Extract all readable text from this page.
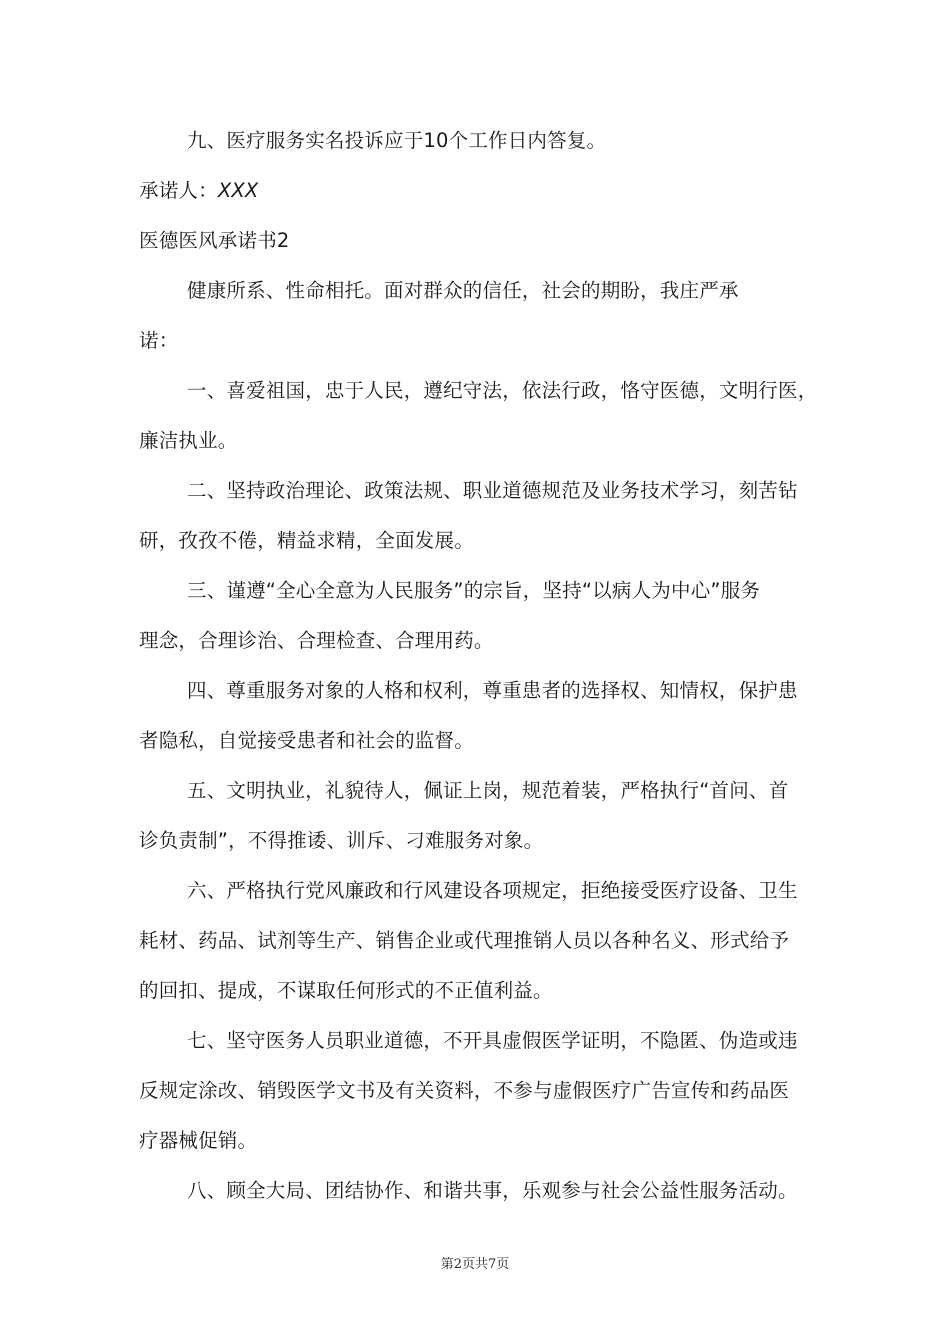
九、医疗服务实名投诉应于10个工作日内答复。
承诺人：XXX
医德医风承诺书2
健康所系、性命相托。面对群众的信任，社会的期盼，我庄严承
诺：
一、喜爱祖国，忠于人民，遵纪守法，依法行政，恪守医德，文明行医，
廉洁执业。
二、坚持政治理论、政策法规、职业道德规范及业务技术学习，刻苦钻
研，孜孜不倦，精益求精，全面发展。
三、谨遵“全心全意为人民服务”的宗旨，坚持“以病人为中心”服务
理念，合理诊治、合理检查、合理用药。
四、尊重服务对象的人格和权利，尊重患者的选择权、知情权，保护患
者隐私，自觉接受患者和社会的监督。
五、文明执业，礼貌待人，佩证上岗，规范着装，严格执行“首问、首
诊负责制”，不得推诿、训斥、刁难服务对象。
六、严格执行党风廉政和行风建设各项规定，拒绝接受医疗设备、卫生
耗材、药品、试剂等生产、销售企业或代理推销人员以各种名义、形式给予
的回扣、提成，不谋取任何形式的不正值利益。
七、坚守医务人员职业道德，不开具虚假医学证明，不隐匿、伪造或违
反规定涂改、销毁医学文书及有关资料，不参与虚假医疗广告宣传和药品医
疗器械促销。
八、顾全大局、团结协作、和谐共事，乐观参与社会公益性服务活动。
第2页共7页
